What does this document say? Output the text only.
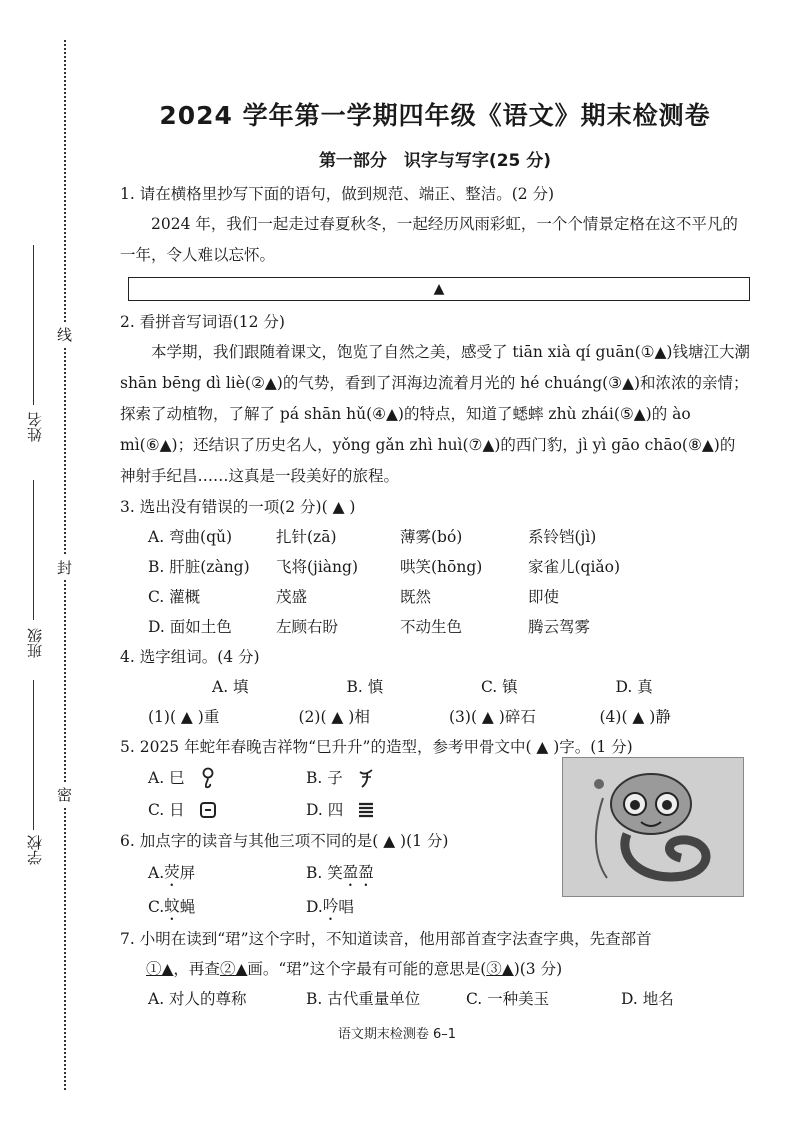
姓名
班级
学校
线
封
密
2024 学年第一学期四年级《语文》期末检测卷
第一部分　识字与写字(25 分)
1. 请在横格里抄写下面的语句，做到规范、端正、整洁。(2 分)
2024 年，我们一起走过春夏秋冬，一起经历风雨彩虹，一个个情景定格在这不平凡的一年，令人难以忘怀。
▲
2. 看拼音写词语(12 分)
本学期，我们跟随着课文，饱览了自然之美，感受了 tiān xià qí guān(①▲)钱塘江大潮 shān bēng dì liè(②▲)的气势，看到了洱海边流着月光的 hé chuáng(③▲)和浓浓的亲情；探索了动植物，了解了 pá shān hǔ(④▲)的特点，知道了蟋蟀 zhù zhái(⑤▲)的 ào mì(⑥▲)；还结识了历史名人，yǒng gǎn zhì huì(⑦▲)的西门豹，jì yì gāo chāo(⑧▲)的神射手纪昌……这真是一段美好的旅程。
3. 选出没有错误的一项(2 分)( ▲ )
A. 弯曲(qǔ)	扎针(zā)	薄雾(bó)	系铃铛(jì)
B. 肝脏(zàng)	飞将(jiàng)	哄笑(hōng)	家雀儿(qiǎo)
C. 灌概	茂盛	既然	即使
D. 面如土色	左顾右盼	不动生色	腾云驾雾
4. 选字组词。(4 分)
A. 填	B. 慎	C. 镇	D. 真
(1)( ▲ )重	(2)( ▲ )相	(3)( ▲ )碎石	(4)( ▲ )静
5. 2025 年蛇年春晚吉祥物“巳升升”的造型，参考甲骨文中( ▲ )字。(1 分)
A. 巳	B. 子
C. 日	D. 四
6. 加点字的读音与其他三项不同的是( ▲ )(1 分)
A. 荧 屏	B. 笑 盈盈
C. 蚊 蝇	D. 吟 唱
7. 小明在读到“珺”这个字时，不知道读音，他用部首查字法查字典，先查部首
①▲，再查②▲画。“珺”这个字最有可能的意思是(③▲)(3 分)
A. 对人的尊称	B. 古代重量单位	C. 一种美玉	D. 地名
语文期末检测卷 6–1
